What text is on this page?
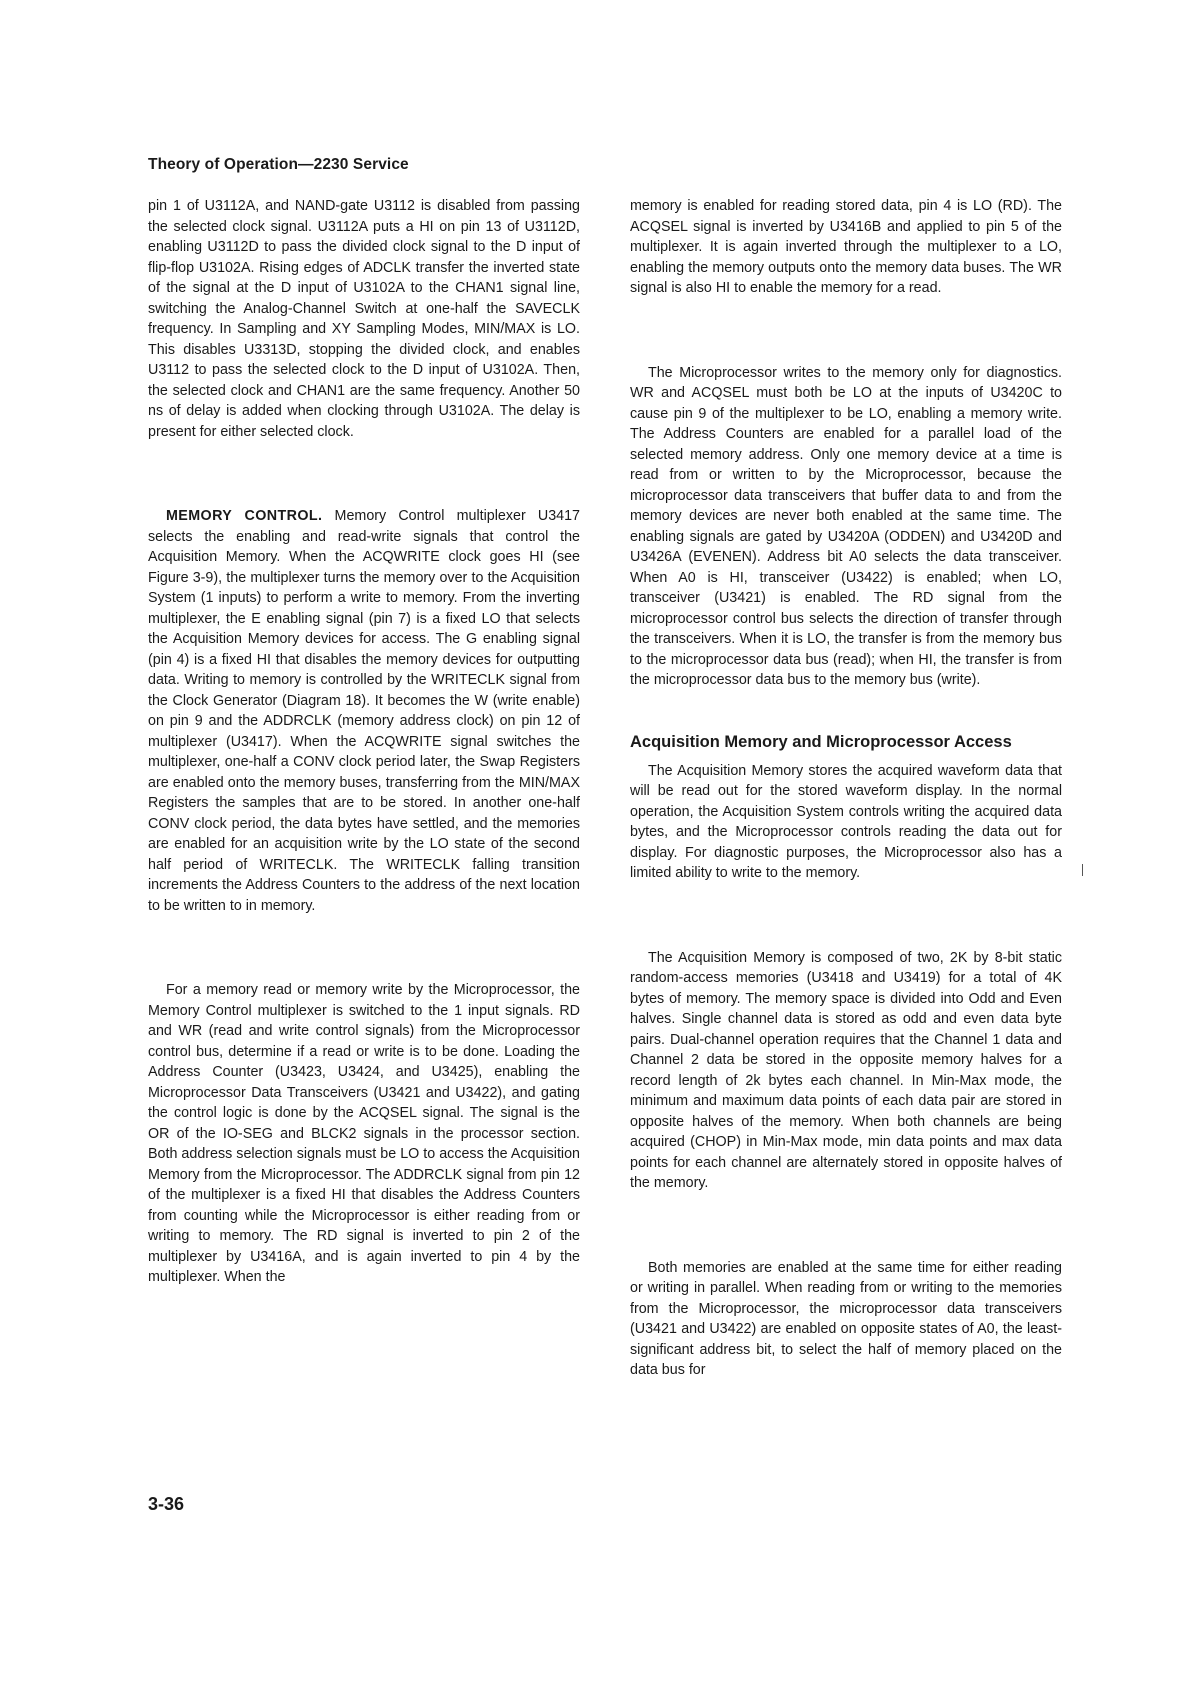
Theory of Operation—2230 Service

pin 1 of U3112A, and NAND-gate U3112 is disabled from passing the selected clock signal. U3112A puts a HI on pin 13 of U3112D, enabling U3112D to pass the divided clock signal to the D input of flip-flop U3102A. Rising edges of ADCLK transfer the inverted state of the signal at the D input of U3102A to the CHAN1 signal line, switching the Analog-Channel Switch at one-half the SAVECLK frequency. In Sampling and XY Sampling Modes, MIN/MAX is LO. This disables U3313D, stopping the divided clock, and enables U3112 to pass the selected clock to the D input of U3102A. Then, the selected clock and CHAN1 are the same frequency. Another 50 ns of delay is added when clocking through U3102A. The delay is present for either selected clock.

MEMORY CONTROL. Memory Control multiplexer U3417 selects the enabling and read-write signals that control the Acquisition Memory. When the ACQWRITE clock goes HI (see Figure 3-9), the multiplexer turns the memory over to the Acquisition System (1 inputs) to perform a write to memory. From the inverting multiplexer, the E enabling signal (pin 7) is a fixed LO that selects the Acquisition Memory devices for access. The G enabling signal (pin 4) is a fixed HI that disables the memory devices for outputting data. Writing to memory is controlled by the WRITECLK signal from the Clock Generator (Diagram 18). It becomes the W (write enable) on pin 9 and the ADDRCLK (memory address clock) on pin 12 of multiplexer (U3417). When the ACQWRITE signal switches the multiplexer, one-half a CONV clock period later, the Swap Registers are enabled onto the memory buses, transferring from the MIN/MAX Registers the samples that are to be stored. In another one-half CONV clock period, the data bytes have settled, and the memories are enabled for an acquisition write by the LO state of the second half period of WRITECLK. The WRITECLK falling transition increments the Address Counters to the address of the next location to be written to in memory.

For a memory read or memory write by the Microprocessor, the Memory Control multiplexer is switched to the 1 input signals. RD and WR (read and write control signals) from the Microprocessor control bus, determine if a read or write is to be done. Loading the Address Counter (U3423, U3424, and U3425), enabling the Microprocessor Data Transceivers (U3421 and U3422), and gating the control logic is done by the ACQSEL signal. The signal is the OR of the IO-SEG and BLCK2 signals in the processor section. Both address selection signals must be LO to access the Acquisition Memory from the Microprocessor. The ADDRCLK signal from pin 12 of the multiplexer is a fixed HI that disables the Address Counters from counting while the Microprocessor is either reading from or writing to memory. The RD signal is inverted to pin 2 of the multiplexer by U3416A, and is again inverted to pin 4 by the multiplexer. When the

memory is enabled for reading stored data, pin 4 is LO (RD). The ACQSEL signal is inverted by U3416B and applied to pin 5 of the multiplexer. It is again inverted through the multiplexer to a LO, enabling the memory outputs onto the memory data buses. The WR signal is also HI to enable the memory for a read.

The Microprocessor writes to the memory only for diagnostics. WR and ACQSEL must both be LO at the inputs of U3420C to cause pin 9 of the multiplexer to be LO, enabling a memory write. The Address Counters are enabled for a parallel load of the selected memory address. Only one memory device at a time is read from or written to by the Microprocessor, because the microprocessor data transceivers that buffer data to and from the memory devices are never both enabled at the same time. The enabling signals are gated by U3420A (ODDEN) and U3420D and U3426A (EVENEN). Address bit A0 selects the data transceiver. When A0 is HI, transceiver (U3422) is enabled; when LO, transceiver (U3421) is enabled. The RD signal from the microprocessor control bus selects the direction of transfer through the transceivers. When it is LO, the transfer is from the memory bus to the microprocessor data bus (read); when HI, the transfer is from the microprocessor data bus to the memory bus (write).

Acquisition Memory and Microprocessor Access

The Acquisition Memory stores the acquired waveform data that will be read out for the stored waveform display. In the normal operation, the Acquisition System controls writing the acquired data bytes, and the Microprocessor controls reading the data out for display. For diagnostic purposes, the Microprocessor also has a limited ability to write to the memory.

The Acquisition Memory is composed of two, 2K by 8-bit static random-access memories (U3418 and U3419) for a total of 4K bytes of memory. The memory space is divided into Odd and Even halves. Single channel data is stored as odd and even data byte pairs. Dual-channel operation requires that the Channel 1 data and Channel 2 data be stored in the opposite memory halves for a record length of 2k bytes each channel. In Min-Max mode, the minimum and maximum data points of each data pair are stored in opposite halves of the memory. When both channels are being acquired (CHOP) in Min-Max mode, min data points and max data points for each channel are alternately stored in opposite halves of the memory.

Both memories are enabled at the same time for either reading or writing in parallel. When reading from or writing to the memories from the Microprocessor, the microprocessor data transceivers (U3421 and U3422) are enabled on opposite states of A0, the least-significant address bit, to select the half of memory placed on the data bus for

3-36
